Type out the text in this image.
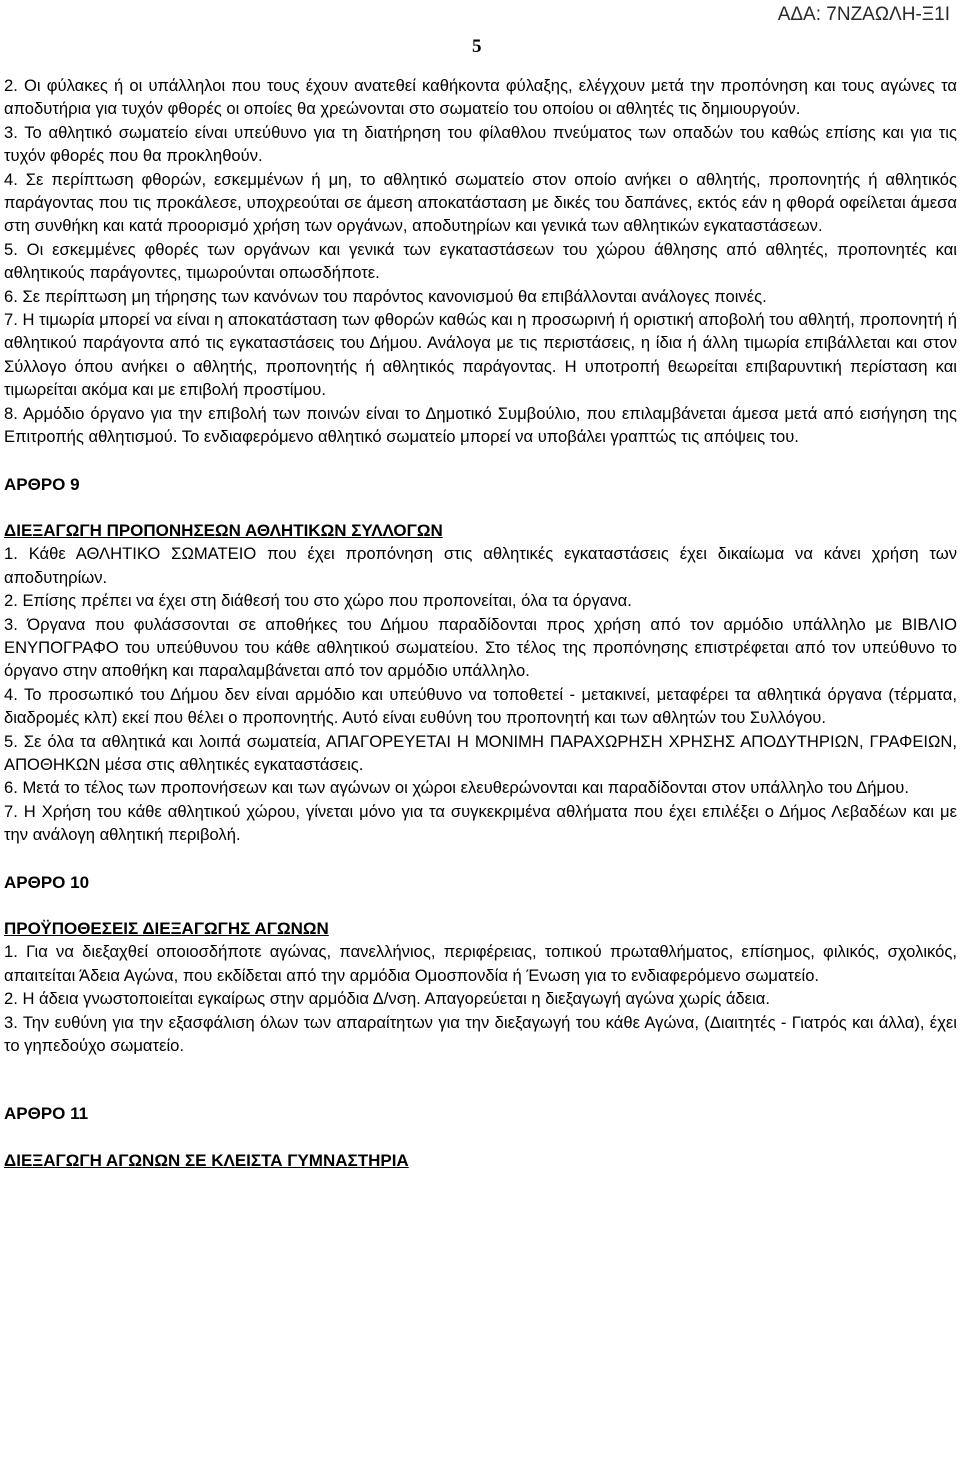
ΑΔΑ: 7ΝΖΑΩΛΗ-Ξ1Ι
5

2. Οι φύλακες ή οι υπάλληλοι που τους έχουν ανατεθεί καθήκοντα φύλαξης, ελέγχουν μετά την προπόνηση και τους αγώνες τα αποδυτήρια για τυχόν φθορές οι οποίες θα χρεώνονται στο σωματείο του οποίου οι αθλητές τις δημιουργούν.

3. Το αθλητικό σωματείο είναι υπεύθυνο για τη διατήρηση του φίλαθλου πνεύματος των οπαδών του καθώς επίσης και για τις τυχόν φθορές που θα προκληθούν.

4. Σε περίπτωση φθορών, εσκεμμένων ή μη, το αθλητικό σωματείο στον οποίο ανήκει ο αθλητής, προπονητής ή αθλητικός παράγοντας που τις προκάλεσε, υποχρεούται σε άμεση αποκατάσταση με δικές του δαπάνες, εκτός εάν η φθορά οφείλεται άμεσα στη συνθήκη και κατά προορισμό χρήση των οργάνων, αποδυτηρίων και γενικά των αθλητικών εγκαταστάσεων.

5. Οι εσκεμμένες φθορές των οργάνων και γενικά των εγκαταστάσεων του χώρου άθλησης από αθλητές, προπονητές και αθλητικούς παράγοντες, τιμωρούνται οπωσδήποτε.

6. Σε περίπτωση μη τήρησης των κανόνων του παρόντος κανονισμού θα επιβάλλονται ανάλογες ποινές.

7. Η τιμωρία μπορεί να είναι η αποκατάσταση των φθορών καθώς και η προσωρινή ή οριστική αποβολή του αθλητή, προπονητή ή αθλητικού παράγοντα από τις εγκαταστάσεις του Δήμου. Ανάλογα με τις περιστάσεις, η ίδια ή άλλη τιμωρία επιβάλλεται και στον Σύλλογο όπου ανήκει ο αθλητής, προπονητής ή αθλητικός παράγοντας. Η υποτροπή θεωρείται επιβαρυντική περίσταση και τιμωρείται ακόμα και με επιβολή προστίμου.

8. Αρμόδιο όργανο για την επιβολή των ποινών είναι το Δημοτικό Συμβούλιο, που επιλαμβάνεται άμεσα μετά από εισήγηση της Επιτροπής αθλητισμού. Το ενδιαφερόμενο αθλητικό σωματείο μπορεί να υποβάλει γραπτώς τις απόψεις του.

ΑΡΘΡΟ 9

ΔΙΕΞΑΓΩΓΗ ΠΡΟΠΟΝΗΣΕΩΝ ΑΘΛΗΤΙΚΩΝ ΣΥΛΛΟΓΩΝ

1. Κάθε ΑΘΛΗΤΙΚΟ ΣΩΜΑΤΕΙΟ που έχει προπόνηση στις αθλητικές εγκαταστάσεις έχει δικαίωμα να κάνει χρήση των αποδυτηρίων.

2. Επίσης πρέπει να έχει στη διάθεσή του στο χώρο που προπονείται, όλα τα όργανα.

3. Όργανα που φυλάσσονται σε αποθήκες του Δήμου παραδίδονται προς χρήση από τον αρμόδιο υπάλληλο με ΒΙΒΛΙΟ ΕΝΥΠΟΓΡΑΦΟ του υπεύθυνου του κάθε αθλητικού σωματείου. Στο τέλος της προπόνησης επιστρέφεται από τον υπεύθυνο το όργανο στην αποθήκη και παραλαμβάνεται από τον αρμόδιο υπάλληλο.

4. Το προσωπικό του Δήμου δεν είναι αρμόδιο και υπεύθυνο να τοποθετεί - μετακινεί, μεταφέρει τα αθλητικά όργανα (τέρματα, διαδρομές κλπ) εκεί που θέλει ο προπονητής. Αυτό είναι ευθύνη του προπονητή και των αθλητών του Συλλόγου.

5. Σε όλα τα αθλητικά και λοιπά σωματεία, ΑΠΑΓΟΡΕΥΕΤΑΙ Η ΜΟΝΙΜΗ ΠΑΡΑΧΩΡΗΣΗ ΧΡΗΣΗΣ ΑΠΟΔΥΤΗΡΙΩΝ, ΓΡΑΦΕΙΩΝ, ΑΠΟΘΗΚΩΝ μέσα στις αθλητικές εγκαταστάσεις.

6. Μετά το τέλος των προπονήσεων και των αγώνων οι χώροι ελευθερώνονται και παραδίδονται στον υπάλληλο του Δήμου.

7. Η Χρήση του κάθε αθλητικού χώρου, γίνεται μόνο για τα συγκεκριμένα αθλήματα που έχει επιλέξει ο Δήμος Λεβαδέων και με την ανάλογη αθλητική περιβολή.

ΑΡΘΡΟ 10

ΠΡΟΫΠΟΘΕΣΕΙΣ ΔΙΕΞΑΓΩΓΗΣ ΑΓΩΝΩΝ

1. Για να διεξαχθεί οποιοσδήποτε αγώνας, πανελλήνιος, περιφέρειας, τοπικού πρωταθλήματος, επίσημος, φιλικός, σχολικός, απαιτείται Άδεια Αγώνα, που εκδίδεται από την αρμόδια Ομοσπονδία ή Ένωση για το ενδιαφερόμενο σωματείο.

2. Η άδεια γνωστοποιείται εγκαίρως στην αρμόδια Δ/νση. Απαγορεύεται η διεξαγωγή αγώνα χωρίς άδεια.

3. Την ευθύνη για την εξασφάλιση όλων των απαραίτητων για την διεξαγωγή του κάθε Αγώνα, (Διαιτητές - Γιατρός και άλλα), έχει το γηπεδούχο σωματείο.

ΑΡΘΡΟ 11

ΔΙΕΞΑΓΩΓΗ ΑΓΩΝΩΝ ΣΕ ΚΛΕΙΣΤΑ ΓΥΜΝΑΣΤΗΡΙΑ
